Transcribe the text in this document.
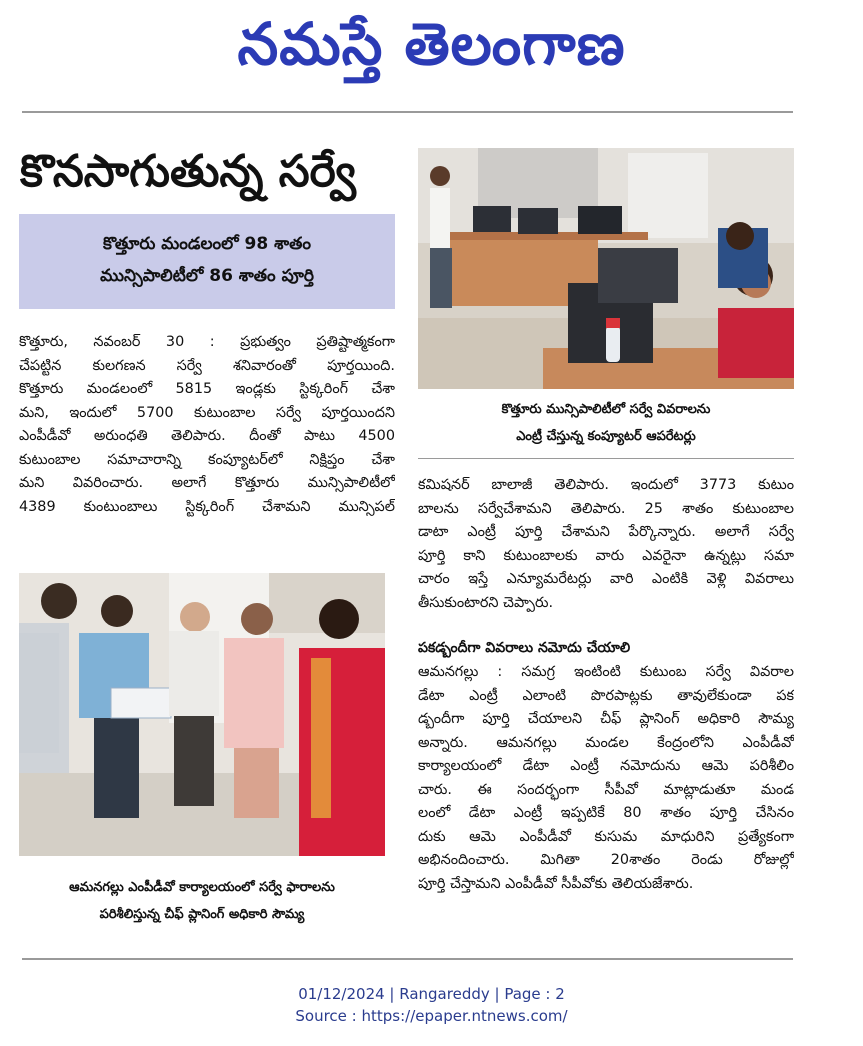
నమస్తే తెలంగాణ
కొనసాగుతున్న సర్వే
కొత్తూరు మండలంలో 98 శాతం
మున్సిపాలిటీలో 86 శాతం పూర్తి
కొత్తూరు, నవంబర్ 30 : ప్రభుత్వం ప్రతిష్టాత్మకంగా
చేపట్టిన కులగణన సర్వే శనివారంతో పూర్తయింది.
కొత్తూరు మండలంలో 5815 ఇండ్లకు స్టిక్కరింగ్ చేశా
మని, ఇందులో 5700 కుటుంబాల సర్వే పూర్తయిందని
ఎంపీడీవో అరుంధతి తెలిపారు. దీంతో పాటు 4500
కుటుంబాల సమాచారాన్ని కంప్యూటర్‌లో నిక్షిప్తం చేశా
మని వివరించారు. అలాగే కొత్తూరు మున్సిపాలిటీలో
4389 కుంటుంబాలు స్టిక్కరింగ్ చేశామని మున్సిపల్
కొత్తూరు మున్సిపాలిటీలో సర్వే వివరాలను
ఎంట్రీ చేస్తున్న కంప్యూటర్ ఆపరేటర్లు
కమిషనర్ బాలాజీ తెలిపారు. ఇందులో 3773 కుటుం
బాలను సర్వేచేశామని తెలిపారు. 25 శాతం కుటుంబాల
డాటా ఎంట్రీ పూర్తి చేశామని పేర్కొన్నారు. అలాగే సర్వే
పూర్తి కాని కుటుంబాలకు వారు ఎవరైనా ఉన్నట్లు సమా
చారం ఇస్తే ఎన్యూమరేటర్లు వారి ఎంటికి వెళ్లి వివరాలు
తీసుకుంటారని చెప్పారు.
పకడ్బందీగా వివరాలు నమోదు చేయాలి
ఆమనగల్లు : సమగ్ర ఇంటింటి కుటుంబ సర్వే వివరాల
డేటా ఎంట్రీ ఎలాంటి పొరపాట్లకు తావులేకుండా పక
డ్బందీగా పూర్తి చేయాలని చీఫ్ ప్లానింగ్ అధికారి సౌమ్య
అన్నారు. ఆమనగల్లు మండల కేంద్రంలోని ఎంపీడీవో
కార్యాలయంలో డేటా ఎంట్రీ నమోదును ఆమె పరిశీలిం
చారు. ఈ సందర్భంగా సీపీవో మాట్లాడుతూ మండ
లంలో డేటా ఎంట్రీ ఇప్పటికే 80 శాతం పూర్తి చేసినం
దుకు ఆమె ఎంపీడీవో కుసుమ మాధురిని ప్రత్యేకంగా
అభినందించారు. మిగితా 20శాతం రెండు రోజుల్లో
పూర్తి చేస్తామని ఎంపీడీవో సీపీవోకు తెలియజేశారు.
ఆమనగల్లు ఎంపీడీవో కార్యాలయంలో సర్వే ఫారాలను
పరిశీలిస్తున్న చీఫ్ ప్లానింగ్ అధికారి సౌమ్య
01/12/2024 | Rangareddy | Page : 2
Source : https://epaper.ntnews.com/
